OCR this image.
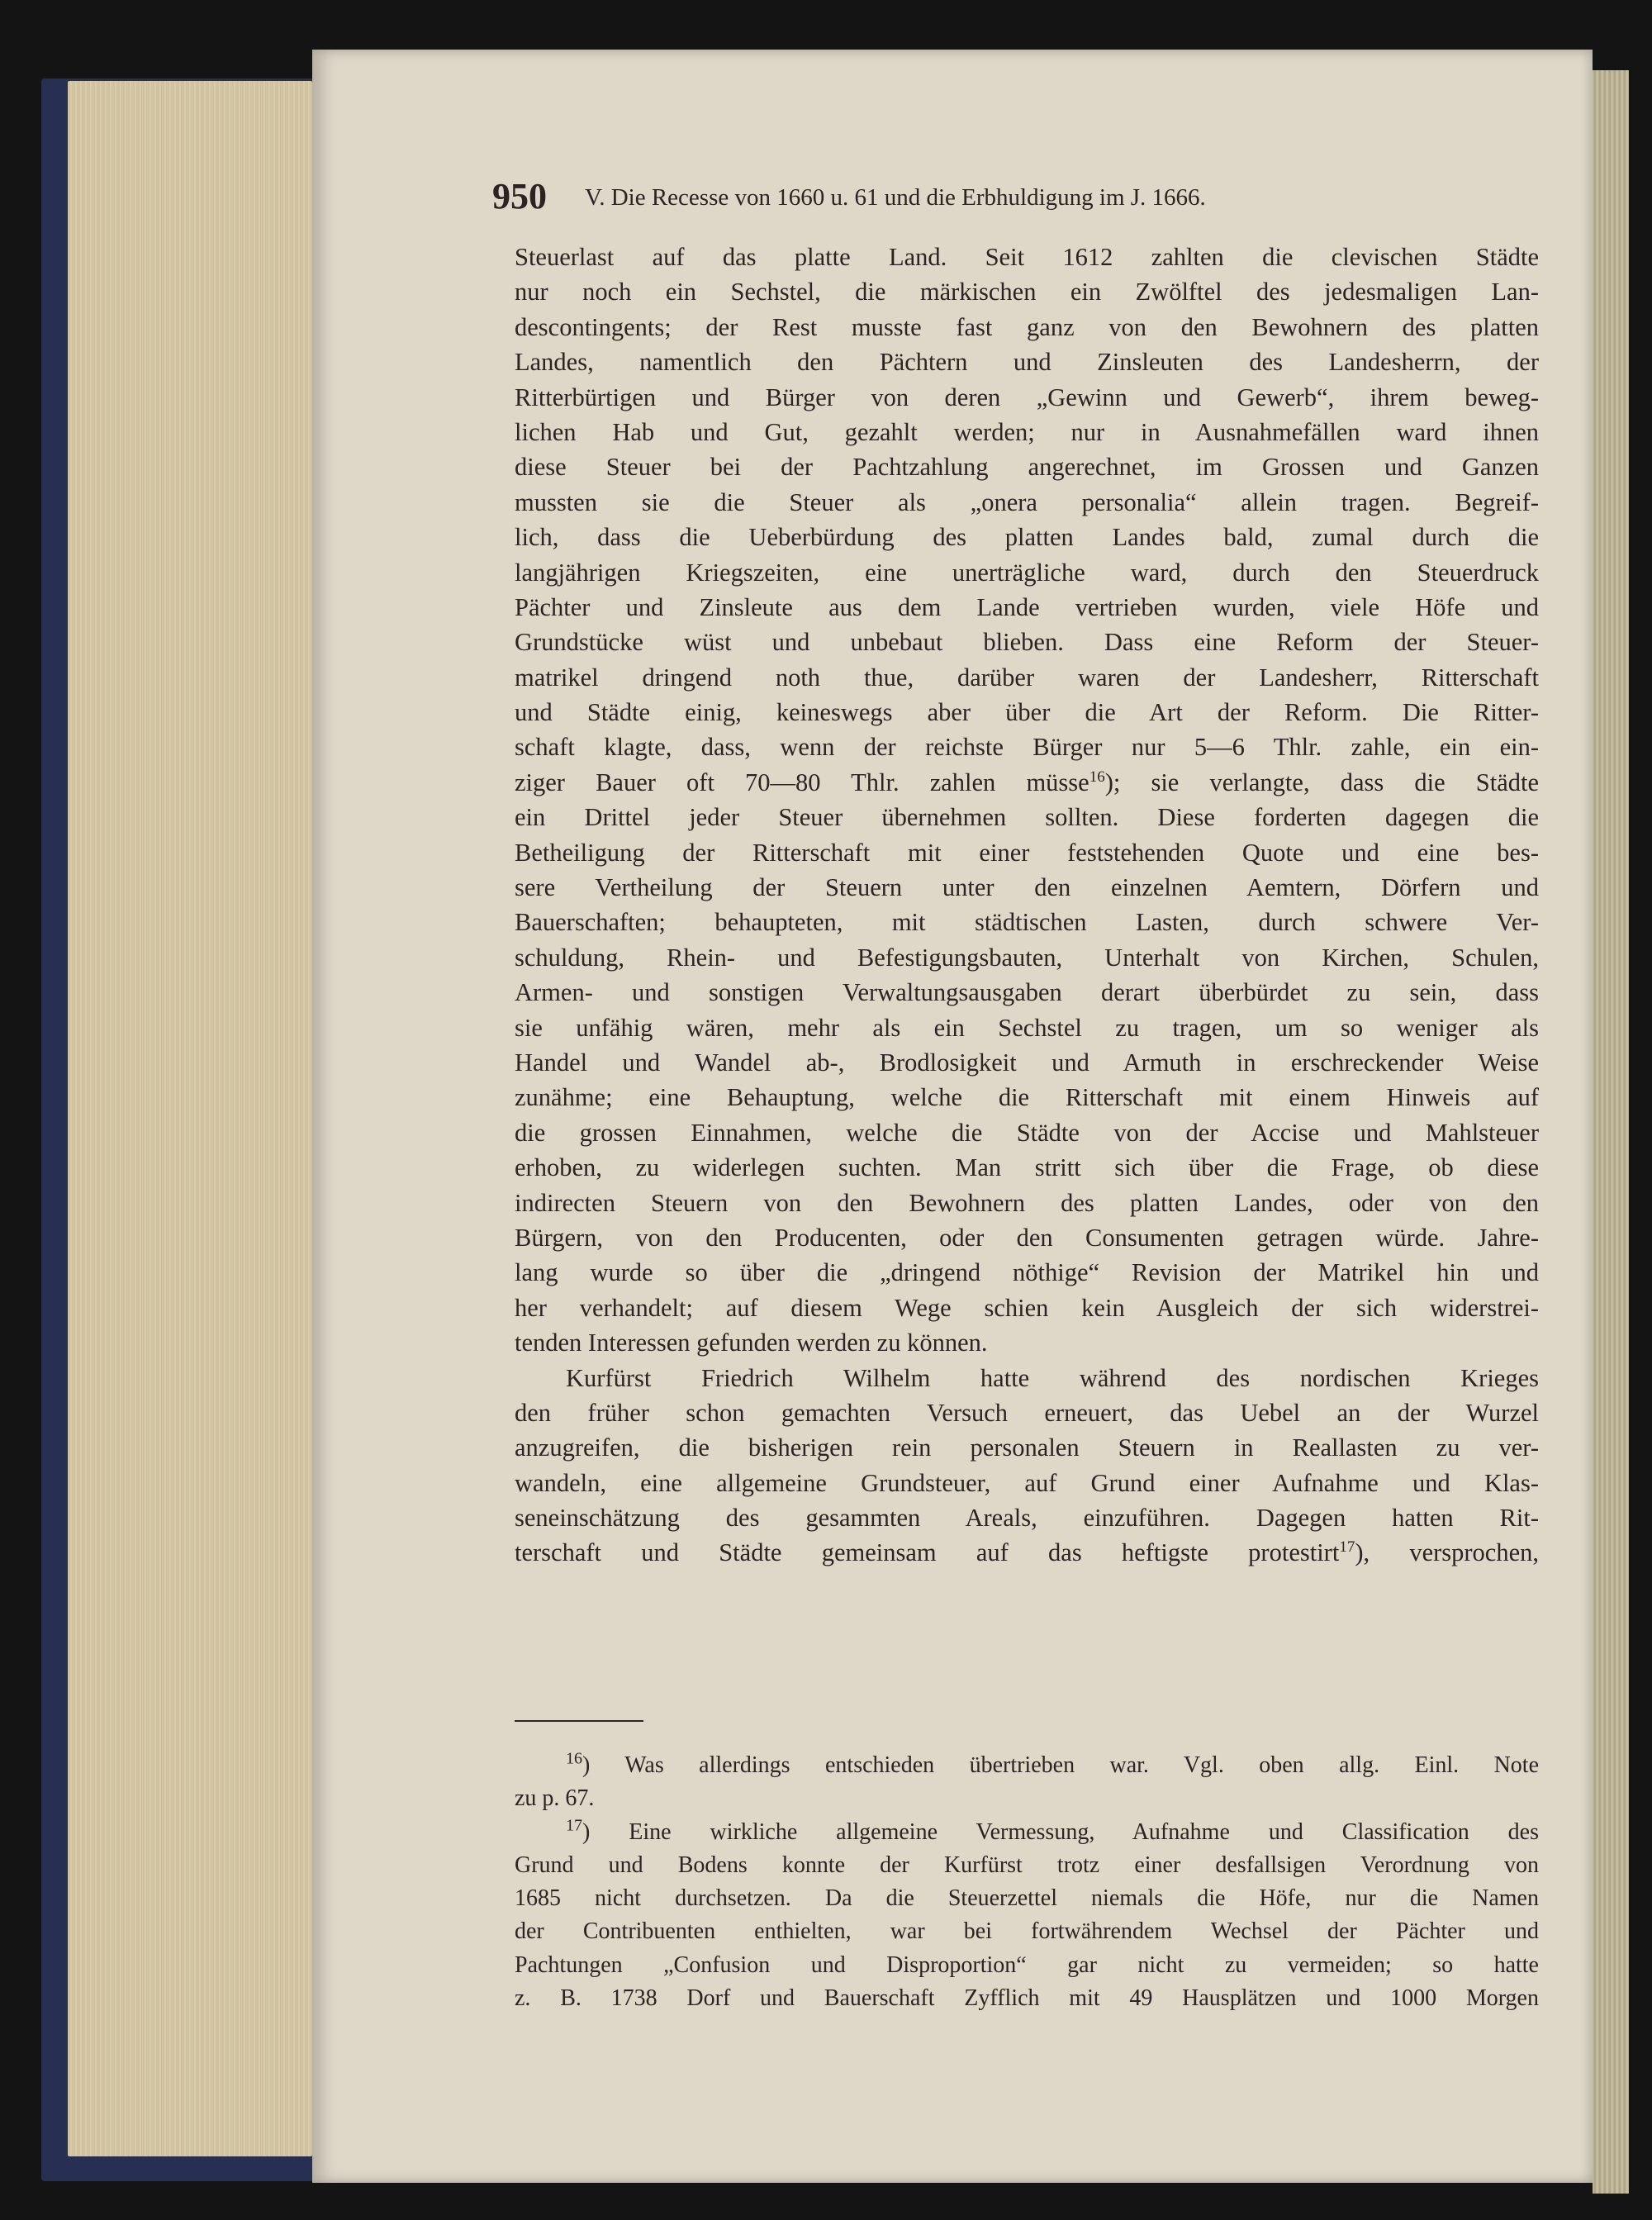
950 V. Die Recesse von 1660 u. 61 und die Erbhuldigung im J. 1666.
Steuerlast auf das platte Land. Seit 1612 zahlten die clevischen Städte
nur noch ein Sechstel, die märkischen ein Zwölftel des jedesmaligen Lan-
descontingents; der Rest musste fast ganz von den Bewohnern des platten
Landes, namentlich den Pächtern und Zinsleuten des Landesherrn, der
Ritterbürtigen und Bürger von deren „Gewinn und Gewerb“, ihrem beweg-
lichen Hab und Gut, gezahlt werden; nur in Ausnahmefällen ward ihnen
diese Steuer bei der Pachtzahlung angerechnet, im Grossen und Ganzen
mussten sie die Steuer als „onera personalia“ allein tragen. Begreif-
lich, dass die Ueberbürdung des platten Landes bald, zumal durch die
langjährigen Kriegszeiten, eine unerträgliche ward, durch den Steuerdruck
Pächter und Zinsleute aus dem Lande vertrieben wurden, viele Höfe und
Grundstücke wüst und unbebaut blieben. Dass eine Reform der Steuer-
matrikel dringend noth thue, darüber waren der Landesherr, Ritterschaft
und Städte einig, keineswegs aber über die Art der Reform. Die Ritter-
schaft klagte, dass, wenn der reichste Bürger nur 5—6 Thlr. zahle, ein ein-
ziger Bauer oft 70—80 Thlr. zahlen müsse$^{16}$); sie verlangte, dass die Städte
ein Drittel jeder Steuer übernehmen sollten. Diese forderten dagegen die
Betheiligung der Ritterschaft mit einer feststehenden Quote und eine bes-
sere Vertheilung der Steuern unter den einzelnen Aemtern, Dörfern und
Bauerschaften; behaupteten, mit städtischen Lasten, durch schwere Ver-
schuldung, Rhein- und Befestigungsbauten, Unterhalt von Kirchen, Schulen,
Armen- und sonstigen Verwaltungsausgaben derart überbürdet zu sein, dass
sie unfähig wären, mehr als ein Sechstel zu tragen, um so weniger als
Handel und Wandel ab-, Brodlosigkeit und Armuth in erschreckender Weise
zunähme; eine Behauptung, welche die Ritterschaft mit einem Hinweis auf
die grossen Einnahmen, welche die Städte von der Accise und Mahlsteuer
erhoben, zu widerlegen suchten. Man stritt sich über die Frage, ob diese
indirecten Steuern von den Bewohnern des platten Landes, oder von den
Bürgern, von den Producenten, oder den Consumenten getragen würde. Jahre-
lang wurde so über die „dringend nöthige“ Revision der Matrikel hin und
her verhandelt; auf diesem Wege schien kein Ausgleich der sich widerstrei-
tenden Interessen gefunden werden zu können.
Kurfürst Friedrich Wilhelm hatte während des nordischen Krieges
den früher schon gemachten Versuch erneuert, das Uebel an der Wurzel
anzugreifen, die bisherigen rein personalen Steuern in Reallasten zu ver-
wandeln, eine allgemeine Grundsteuer, auf Grund einer Aufnahme und Klas-
seneinschätzung des gesammten Areals, einzuführen. Dagegen hatten Rit-
terschaft und Städte gemeinsam auf das heftigste protestirt$^{17}$), versprochen,
$^{16}$) Was allerdings entschieden übertrieben war. Vgl. oben allg. Einl. Note
zu p. 67.
$^{17}$) Eine wirkliche allgemeine Vermessung, Aufnahme und Classification des
Grund und Bodens konnte der Kurfürst trotz einer desfallsigen Verordnung von
1685 nicht durchsetzen. Da die Steuerzettel niemals die Höfe, nur die Namen
der Contribuenten enthielten, war bei fortwährendem Wechsel der Pächter und
Pachtungen „Confusion und Disproportion“ gar nicht zu vermeiden; so hatte
z. B. 1738 Dorf und Bauerschaft Zyfflich mit 49 Hausplätzen und 1000 Morgen
